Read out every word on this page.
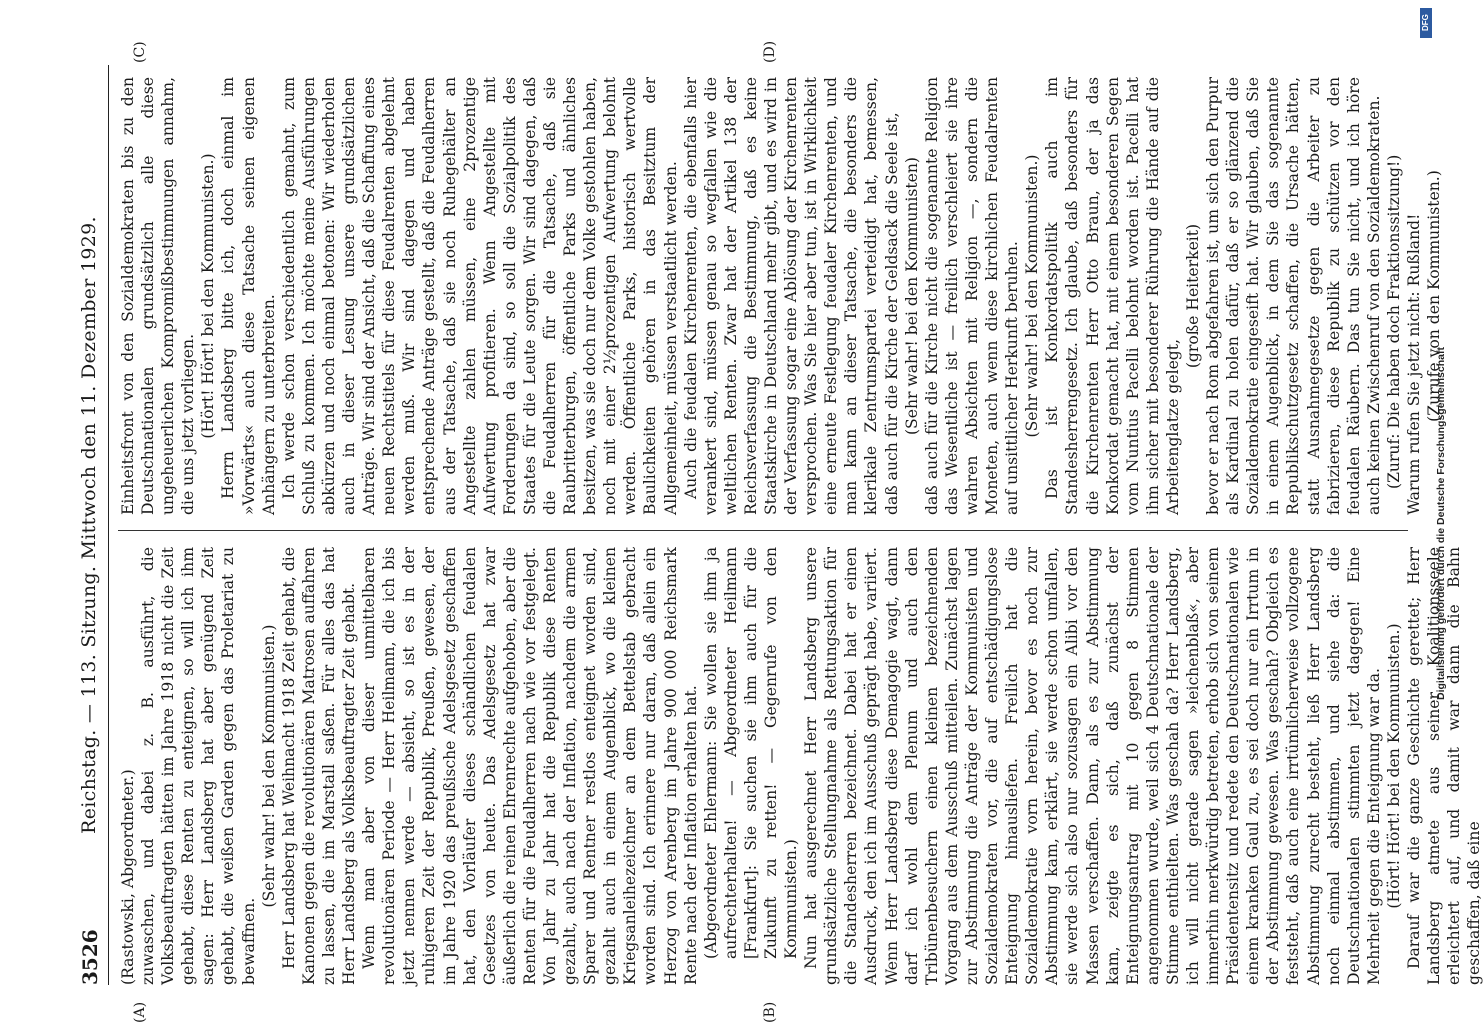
3526
Reichstag. — 113. Sitzung. Mittwoch den 11. Dezember 1929.
(A)	(B)
(C)	(D)

(Rastowski, Abgeordneter.) zuwaschen, und dabei z. B. ausführt, die Volksbeauftragten hätten im Jahre 1918 nicht die Zeit gehabt, diese Renten zu enteignen, so will ich ihm sagen: Herr Landsberg hat aber genügend Zeit gehabt, die weißen Garden gegen das Proletariat zu bewaffnen.

(Sehr wahr! bei den Kommunisten.) Herr Landsberg hat Weihnacht 1918 Zeit gehabt, die Kanonen gegen die revolutionären Matrosen auffahren zu lassen, die im Marstall saßen. Für alles das hat Herr Landsberg als Volksbeauftragter Zeit gehabt. Wenn man aber von dieser unmittelbaren revolutionären Periode — Herr Heilmann, die ich bis jetzt nennen werde — absieht, so ist es in der ruhigeren Zeit der Republik, Preußen, gewesen, der im Jahre 1920 das preußische Adelsgesetz geschaffen hat, den Vorläufer dieses schändlichen feudalen Gesetzes von heute. Das Adelsgesetz hat zwar äußerlich die reinen Ehrenrechte aufgehoben, aber die Renten für die Feudalherren nach wie vor festgelegt. Von Jahr zu Jahr hat die Republik diese Renten gezahlt, auch nach der Inflation, nachdem die armen Sparer und Rentner restlos enteignet worden sind, gezahlt auch in einem Augenblick, wo die kleinen Kriegsanleihezeichner an dem Bettelstab gebracht worden sind. Ich erinnere nur daran, daß allein ein Herzog von Arenberg im Jahre 900 000 Reichsmark Rente nach der Inflation erhalten hat. (Abgeordneter Ehlermann: Sie wollen sie ihm ja aufrechterhalten! — Abgeordneter Heilmann [Frankfurt]: Sie suchen sie ihm auch für die Zukunft zu retten! — Gegenrufe von den Kommunisten.) Nun hat ausgerechnet Herr Landsberg unsere grundsätzliche Stellungnahme als Rettungsaktion für die Standesherren bezeichnet. Dabei hat er einen Ausdruck, den ich im Ausschuß geprägt habe, variiert. Wenn Herr Landsberg diese Demagogie wagt, dann darf ich wohl dem Plenum und auch den Tribünenbesuchern einen kleinen bezeichnenden Vorgang aus dem Ausschuß mitteilen. Zunächst lagen zur Abstimmung die Anträge der Kommunisten und Sozialdemokraten vor, die auf entschädigungslose Enteignung hinausliefen. Freilich hat die Sozialdemokratie vorn herein, bevor es noch zur Abstimmung kam, erklärt, sie werde schon umfallen, sie werde sich also nur sozusagen ein Alibi vor den Massen verschaffen. Dann, als es zur Abstimmung kam, zeigte es sich, daß zunächst der Enteignungsantrag mit 10 gegen 8 Stimmen angenommen wurde, weil sich 4 Deutschnationale der Stimme enthielten. Was geschah da? Herr Landsberg, ich will nicht gerade sagen »leichenblaß«, aber immerhin merkwürdig betreten, erhob sich von seinem Präsidentensitz und redete den Deutschnationalen wie einem kranken Gaul zu, es sei doch nur ein Irrtum in der Abstimmung gewesen. Was geschah? Obgleich es feststeht, daß auch eine irrtümlicherweise vollzogene Abstimmung zurecht besteht, ließ Herr Landsberg noch einmal abstimmen, und siehe da: die Deutschnationalen stimmten jetzt dagegen! Eine Mehrheit gegen die Enteignung war da. (Hört! Hört! bei den Kommunisten.) Darauf war die ganze Geschichte gerettet; Herr Landsberg atmete aus seiner Koalitionsseele erleichtert auf, und damit war dann die Bahn geschaffen, daß eine

Einheitsfront von den Sozialdemokraten bis zu den Deutschnationalen grundsätzlich alle diese ungeheuerlichen Kompromißbestimmungen annahm, die uns jetzt vorliegen. (Hört! Hört! bei den Kommunisten.) Herrn Landsberg bitte ich, doch einmal im »Vorwärts« auch diese Tatsache seinen eigenen Anhängern zu unterbreiten. Ich werde schon verschiedentlich gemahnt, zum Schluß zu kommen. Ich möchte meine Ausführungen abkürzen und noch einmal betonen: Wir wiederholen auch in dieser Lesung unsere grundsätzlichen Anträge. Wir sind der Ansicht, daß die Schaffung eines neuen Rechtstitels für diese Feudalrenten abgelehnt werden muß. Wir sind dagegen und haben entsprechende Anträge gestellt, daß die Feudalherren aus der Tatsache, daß sie noch Ruhegehälter an Angestellte zahlen müssen, eine 2prozentige Aufwertung profitieren. Wenn Angestellte mit Forderungen da sind, so soll die Sozialpolitik des Staates für die Leute sorgen. Wir sind dagegen, daß die Feudalherren für die Tatsache, daß sie Raubritterburgen, öffentliche Parks und ähnliches besitzen, was sie doch nur dem Volke gestohlen haben, noch mit einer 2½prozentigen Aufwertung belohnt werden. Öffentliche Parks, historisch wertvolle Baulichkeiten gehören in das Besitztum der Allgemeinheit, müssen verstaatlicht werden. Auch die feudalen Kirchenrenten, die ebenfalls hier verankert sind, müssen genau so wegfallen wie die weltlichen Renten. Zwar hat der Artikel 138 der Reichsverfassung die Bestimmung, daß es keine Staatskirche in Deutschland mehr gibt, und es wird in der Verfassung sogar eine Ablösung der Kirchenrenten versprochen. Was Sie hier aber tun, ist in Wirklichkeit eine erneute Festlegung feudaler Kirchenrenten, und man kann an dieser Tatsache, die besonders die klerikale Zentrumspartei verteidigt hat, bemessen, daß auch für die Kirche der Geldsack die Seele ist, (Sehr wahr! bei den Kommunisten) daß auch für die Kirche nicht die sogenannte Religion das Wesentliche ist — freilich verschleiert sie ihre wahren Absichten mit Religion —, sondern die Moneten, auch wenn diese kirchlichen Feudalrenten auf unsittlicher Herkunft beruhen. (Sehr wahr! bei den Kommunisten.) Das ist Konkordatspolitik auch im Standesherrengesetz. Ich glaube, daß besonders für die Kirchenrenten Herr Otto Braun, der ja das Konkordat gemacht hat, mit einem besonderen Segen vom Nuntius Pacelli belohnt worden ist. Pacelli hat ihm sicher mit besonderer Rührung die Hände auf die Arbeitenglatze gelegt,

(große Heiterkeit) bevor er nach Rom abgefahren ist, um sich den Purpur als Kardinal zu holen dafür, daß er so glänzend die Sozialdemokratie eingeseift hat. Wir glauben, daß Sie in einem Augenblick, in dem Sie das sogenannte Republikschutzgesetz schaffen, die Ursache hätten, statt Ausnahmegesetze gegen die Arbeiter zu fabrizieren, diese Republik zu schützen vor den feudalen Räubern. Das tun Sie nicht, und ich höre auch keinen Zwischenruf von den Sozialdemokraten. (Zuruf: Die haben doch Fraktionssitzung!) Warum rufen Sie jetzt nicht: Rußland! (Zurufe von den Kommunisten.)

DFG
Digitalisierung gefördert durch die Deutsche Forschungsgemeinschaft
